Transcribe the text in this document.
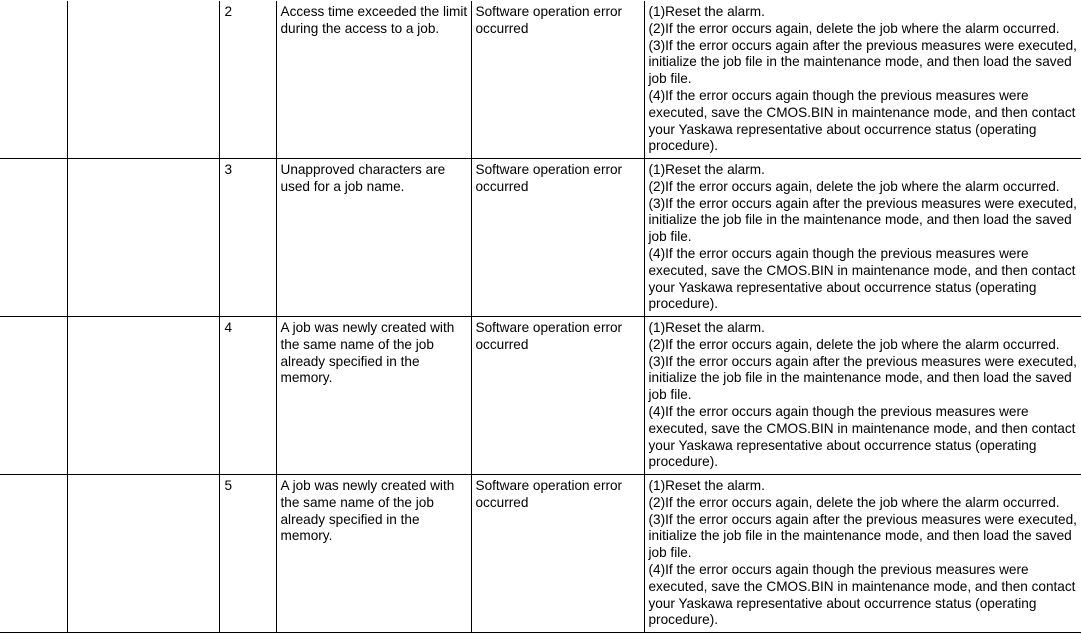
		2	Access time exceeded the limit during the access to a job.	Software operation error occurred	(1)Reset the alarm.
(2)If the error occurs again, delete the job where the alarm occurred.
(3)If the error occurs again after the previous measures were executed, initialize the job file in the maintenance mode, and then load the saved job file.
(4)If the error occurs again though the previous measures were executed, save the CMOS.BIN in maintenance mode, and then contact your Yaskawa representative about occurrence status (operating procedure).

		3	Unapproved characters are used for a job name.	Software operation error occurred	(1)Reset the alarm.
(2)If the error occurs again, delete the job where the alarm occurred.
(3)If the error occurs again after the previous measures were executed, initialize the job file in the maintenance mode, and then load the saved job file.
(4)If the error occurs again though the previous measures were executed, save the CMOS.BIN in maintenance mode, and then contact your Yaskawa representative about occurrence status (operating procedure).

		4	A job was newly created with the same name of the job already specified in the memory.	Software operation error occurred	(1)Reset the alarm.
(2)If the error occurs again, delete the job where the alarm occurred.
(3)If the error occurs again after the previous measures were executed, initialize the job file in the maintenance mode, and then load the saved job file.
(4)If the error occurs again though the previous measures were executed, save the CMOS.BIN in maintenance mode, and then contact your Yaskawa representative about occurrence status (operating procedure).

		5	A job was newly created with the same name of the job already specified in the memory.	Software operation error occurred	(1)Reset the alarm.
(2)If the error occurs again, delete the job where the alarm occurred.
(3)If the error occurs again after the previous measures were executed, initialize the job file in the maintenance mode, and then load the saved job file.
(4)If the error occurs again though the previous measures were executed, save the CMOS.BIN in maintenance mode, and then contact your Yaskawa representative about occurrence status (operating procedure).
